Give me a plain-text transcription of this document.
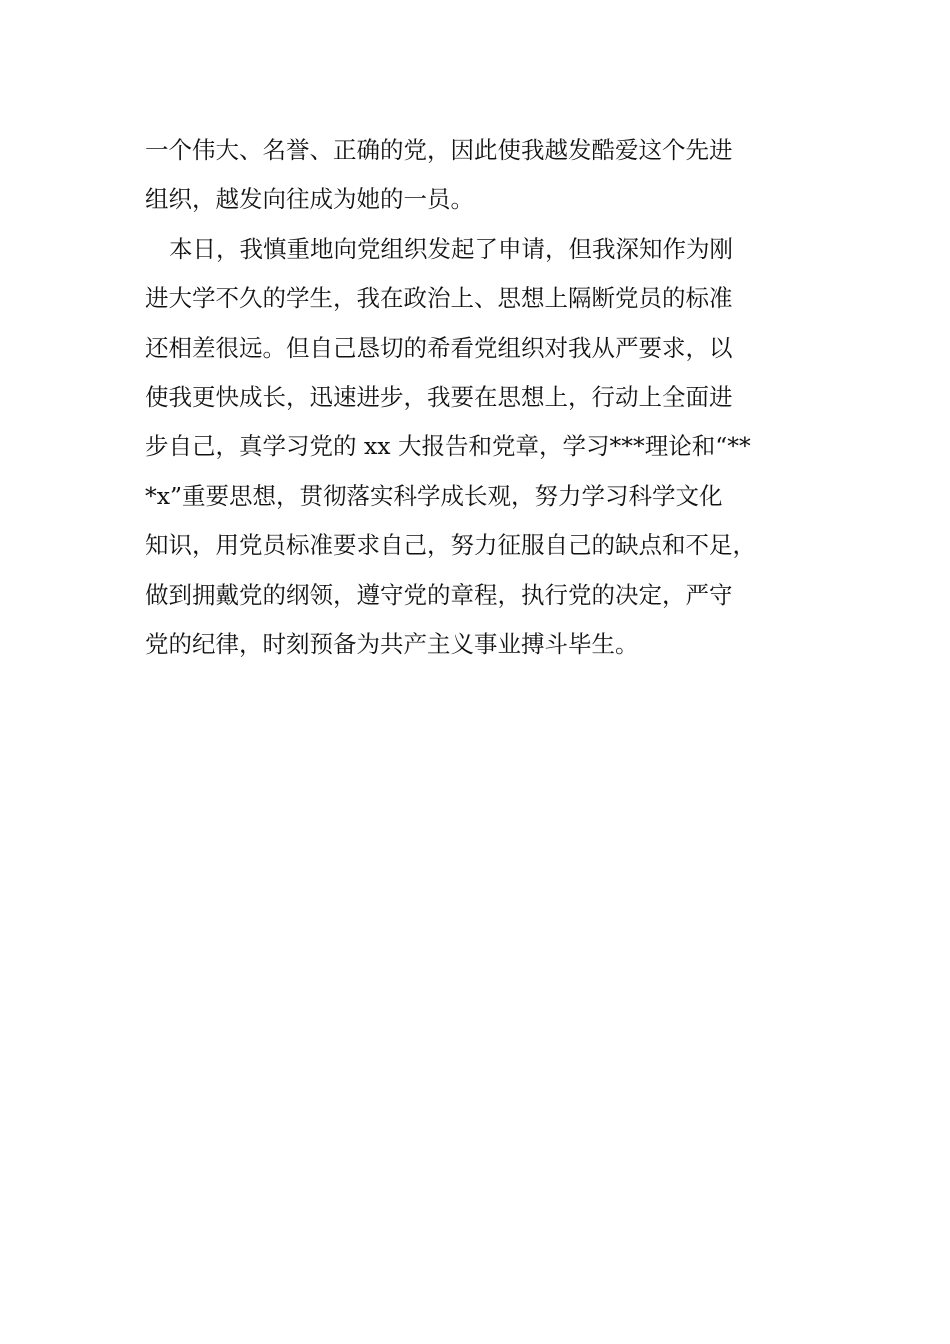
一个伟大、名誉、正确的党，因此使我越发酷爱这个先进
组织，越发向往成为她的一员。
本日，我慎重地向党组织发起了申请，但我深知作为刚
进大学不久的学生，我在政治上、思想上隔断党员的标准
还相差很远。但自己恳切的希看党组织对我从严要求，以
使我更快成长，迅速进步，我要在思想上，行动上全面进
步自己，真学习党的 xx 大报告和党章，学习***理论和“**
*x”重要思想，贯彻落实科学成长观，努力学习科学文化
知识，用党员标准要求自己，努力征服自己的缺点和不足，
做到拥戴党的纲领，遵守党的章程，执行党的决定，严守
党的纪律，时刻预备为共产主义事业搏斗毕生。
